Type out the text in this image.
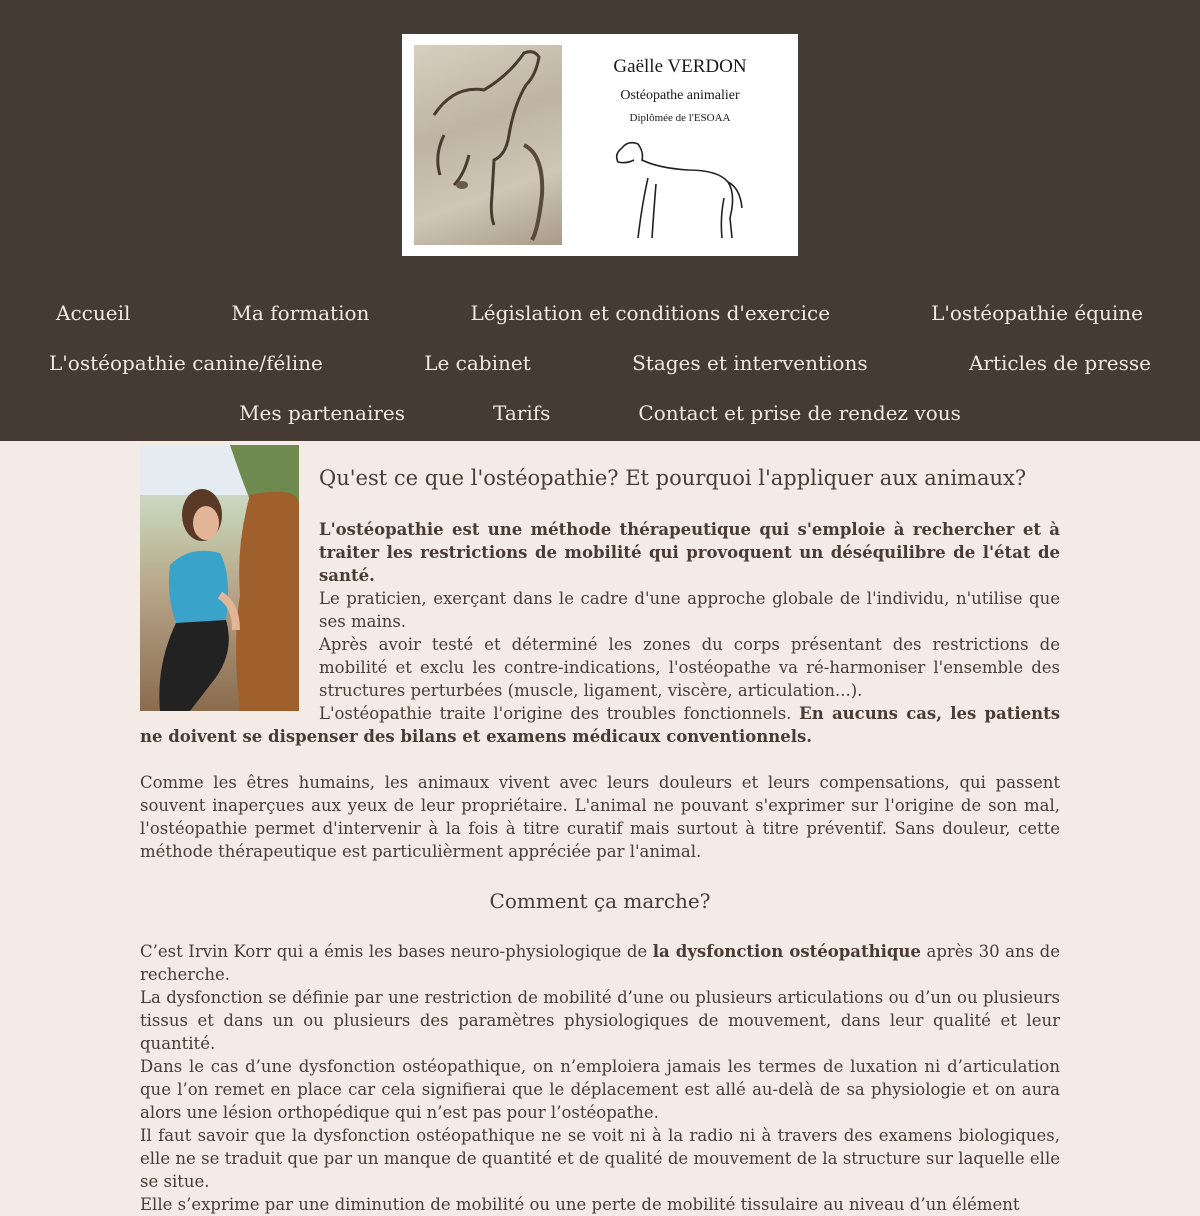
Gaëlle VERDON
Ostéopathe animalier
Diplômée de l'ESOAA
Accueil	Ma formation	Législation et conditions d'exercice	L'ostéopathie équine
L'ostéopathie canine/féline	Le cabinet	Stages et interventions	Articles de presse
Mes partenaires	Tarifs	Contact et prise de rendez vous
Qu'est ce que l'ostéopathie? Et pourquoi l'appliquer aux animaux?

L'ostéopathie est une méthode thérapeutique qui s'emploie à rechercher et à traiter les restrictions de mobilité qui provoquent un déséquilibre de l'état de santé.

Le praticien, exerçant dans le cadre d'une approche globale de l'individu, n'utilise que ses mains.

Après avoir testé et déterminé les zones du corps présentant des restrictions de mobilité et exclu les contre-indications, l'ostéopathe va ré-harmoniser l'ensemble des structures perturbées (muscle, ligament, viscère, articulation...).

L'ostéopathie traite l'origine des troubles fonctionnels. En aucuns cas, les patients ne doivent se dispenser des bilans et examens médicaux conventionnels.

Comme les êtres humains, les animaux vivent avec leurs douleurs et leurs compensations, qui passent souvent inaperçues aux yeux de leur propriétaire. L'animal ne pouvant s'exprimer sur l'origine de son mal, l'ostéopathie permet d'intervenir à la fois à titre curatif mais surtout à titre préventif. Sans douleur, cette méthode thérapeutique est particulièrment appréciée par l'animal.

Comment ça marche?

C’est Irvin Korr qui a émis les bases neuro-physiologique de la dysfonction ostéopathique après 30 ans de recherche.

La dysfonction se définie par une restriction de mobilité d’une ou plusieurs articulations ou d’un ou plusieurs tissus et dans un ou plusieurs des paramètres physiologiques de mouvement, dans leur qualité et leur quantité.

Dans le cas d’une dysfonction ostéopathique, on n’emploiera jamais les termes de luxation ni d’articulation que l’on remet en place car cela signifierai que le déplacement est allé au-delà de sa physiologie et on aura alors une lésion orthopédique qui n’est pas pour l’ostéopathe.

Il faut savoir que la dysfonction ostéopathique ne se voit ni à la radio ni à travers des examens biologiques, elle ne se traduit que par un manque de quantité et de qualité de mouvement de la structure sur laquelle elle se situe.

Elle s’exprime par une diminution de mobilité ou une perte de mobilité tissulaire au niveau d’un élément
